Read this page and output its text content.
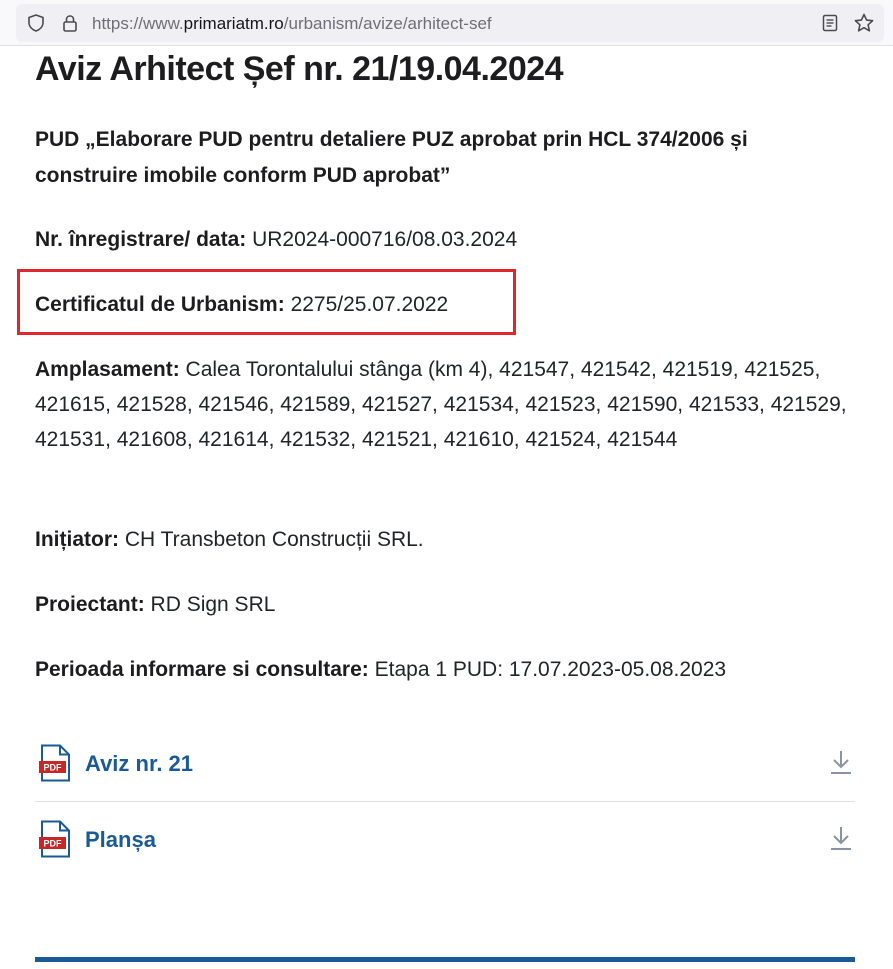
https://www.primariatm.ro/urbanism/avize/arhitect-sef
Aviz Arhitect Șef nr. 21/19.04.2024

PUD „Elaborare PUD pentru detaliere PUZ aprobat prin HCL 374/2006 și construire imobile conform PUD aprobat”

Nr. înregistrare/ data: UR2024-000716/08.03.2024

Certificatul de Urbanism: 2275/25.07.2022

Amplasament: Calea Torontalului stânga (km 4), 421547, 421542, 421519, 421525, 421615, 421528, 421546, 421589, 421527, 421534, 421523, 421590, 421533, 421529, 421531, 421608, 421614, 421532, 421521, 421610, 421524, 421544

Inițiator: CH Transbeton Construcții SRL.

Proiectant: RD Sign SRL

Perioada informare si consultare: Etapa 1 PUD: 17.07.2023-05.08.2023

PDF Aviz nr. 21
PDF Planșa
